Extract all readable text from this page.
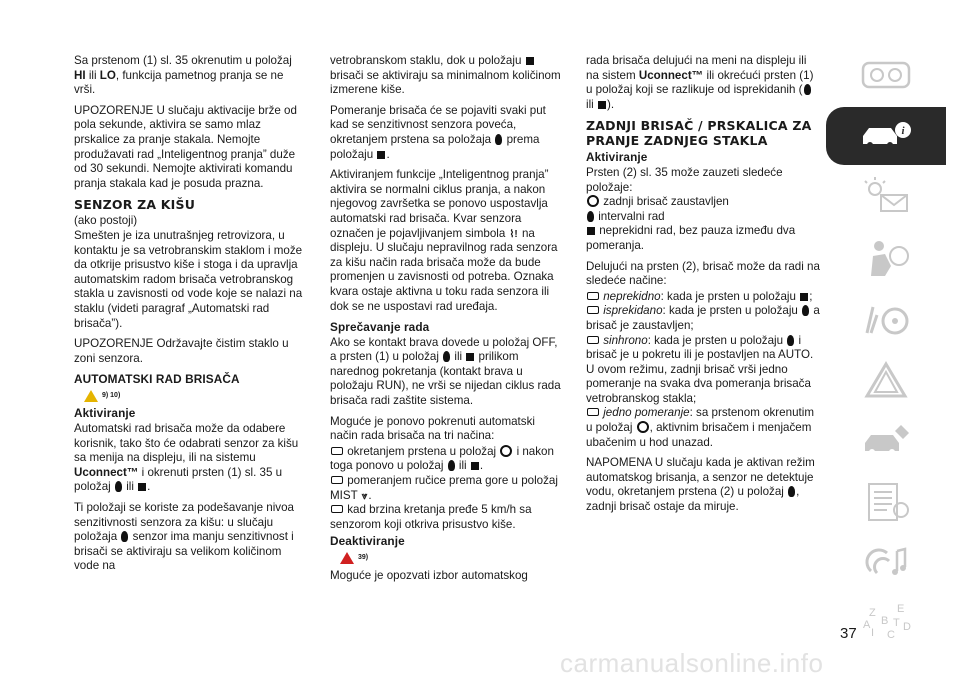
Sa prstenom (1) sl. 35 okrenutim u položaj HI ili LO, funkcija pametnog pranja se ne vrši.

UPOZORENJE U slučaju aktivacije brže od pola sekunde, aktivira se samo mlaz prskalice za pranje stakala. Nemojte produžavati rad „Inteligentnog pranja” duže od 30 sekundi. Nemojte aktivirati komandu pranja stakala kad je posuda prazna.

SENZOR ZA KIŠU

(ako postoji)

Smešten je iza unutrašnjeg retrovizora, u kontaktu je sa vetrobranskim staklom i može da otkrije prisustvo kiše i stoga i da upravlja automatskim radom brisača vetrobranskog stakla u zavisnosti od vode koje se nalazi na staklu (videti paragraf „Automatski rad brisača”).

UPOZORENJE Održavajte čistim staklo u zoni senzora.

AUTOMATSKI RAD BRISAČA
9) 10)
Aktiviranje

Automatski rad brisača može da odabere korisnik, tako što će odabrati senzor za kišu sa menija na displeju, ili na sistemu Uconnect™ i okrenuti prsten (1) sl. 35 u položaj  ili .

Ti položaji se koriste za podešavanje nivoa senzitivnosti senzora za kišu: u slučaju položaja  senzor ima manju senzitivnost i brisači se aktiviraju sa velikom količinom vode na

vetrobranskom staklu, dok u položaju  brisači se aktiviraju sa minimalnom količinom izmerene kiše.

Pomeranje brisača će se pojaviti svaki put kad se senzitivnost senzora poveća, okretanjem prstena sa položaja  prema položaju .

Aktiviranjem funkcije „Inteligentnog pranja” aktivira se normalni ciklus pranja, a nakon njegovog završetka se ponovo uspostavlja automatski rad brisača. Kvar senzora označen je pojavljivanjem simbola ⌇! na displeju. U slučaju nepravilnog rada senzora za kišu način rada brisača može da bude promenjen u zavisnosti od potreba. Oznaka kvara ostaje aktivna u toku rada senzora ili dok se ne uspostavi rad uređaja.

Sprečavanje rada

Ako se kontakt brava dovede u položaj OFF, a prsten (1) u položaj  ili  prilikom narednog pokretanja (kontakt brava u položaju RUN), ne vrši se nijedan ciklus rada brisača radi zaštite sistema.

Moguće je ponovo pokrenuti automatski način rada brisača na tri načina:

okretanjem prstena u položaj  i nakon toga ponovo u položaj  ili .
pomeranjem ručice prema gore u položaj MIST ⩔.
kad brzina kretanja pređe 5 km/h sa senzorom koji otkriva prisustvo kiše.
Deaktiviranje
39)

Moguće je opozvati izbor automatskog

rada brisača delujući na meni na displeju ili na sistem Uconnect™ ili okrećući prsten (1) u položaj koji se razlikuje od isprekidanih ( ili ).

ZADNJI BRISAČ / PRSKALICA ZA PRANJE ZADNJEG STAKLA
Aktiviranje

Prsten (2) sl. 35 može zauzeti sledeće položaje:

zadnji brisač zaustavljen
intervalni rad

neprekidni rad, bez pauza između dva pomeranja.

Delujući na prsten (2), brisač može da radi na sledeće načine:

neprekidno: kada je prsten u položaju ;
isprekidano: kada je prsten u položaju  a brisač je zaustavljen;
sinhrono: kada je prsten u položaju  i brisač je u pokretu ili je postavljen na AUTO. U ovom režimu, zadnji brisač vrši jedno pomeranje na svaka dva pomeranja brisača vetrobranskog stakla;

jedno pomeranje: sa prstenom okrenutim u položaj , aktivnim brisačem i menjačem ubačenim u hod unazad.

NAPOMENA U slučaju kada je aktivan režim automatskog brisanja, a senzor ne detektuje vodu, okretanjem prstena (2) u položaj , zadnji brisač ostaje da miruje.

i
Z E
B
C
D
I
T
A
37
carmanualsonline.info
